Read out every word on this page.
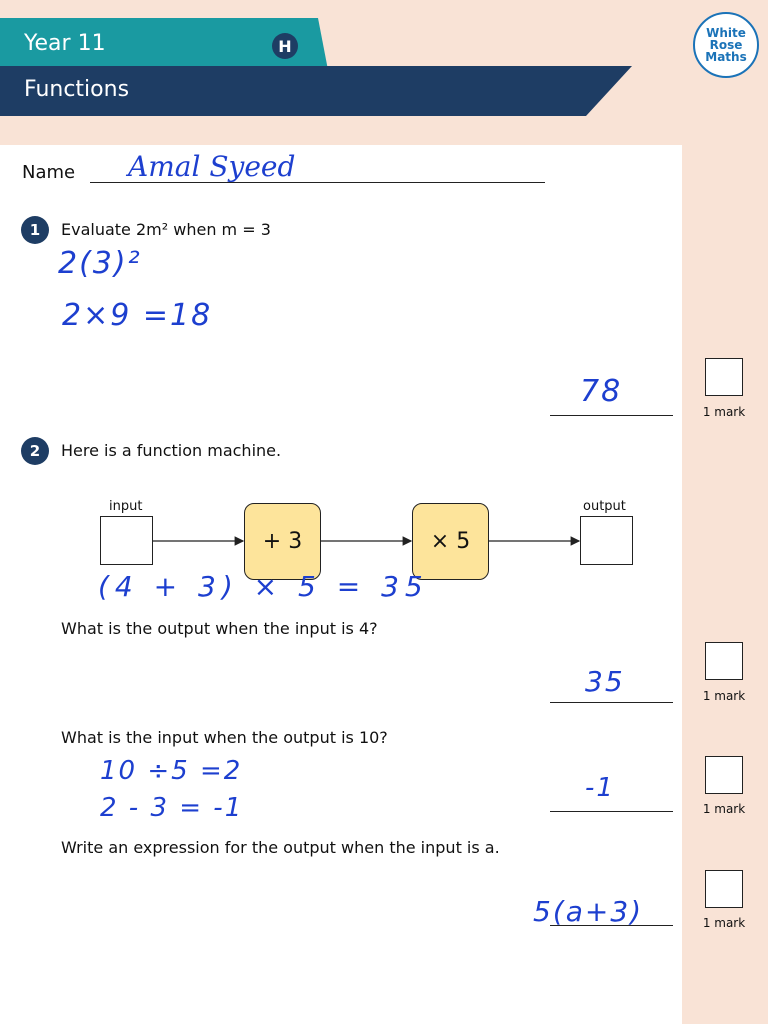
Year 11	H
Functions
White
Rose
Maths
Name Amal Syeed
1	Evaluate 2m² when m = 3
2(3)²
2×9 =18
78
1 mark
2	Here is a function machine.
input	output
+ 3	× 5
(4 + 3) × 5 = 35
What is the output when the input is 4?
35	1 mark
What is the input when the output is 10?
10 ÷5 =2
2 - 3 = -1
-1
1 mark
Write an expression for the output when the input is a.
5(a+3)	1 mark
